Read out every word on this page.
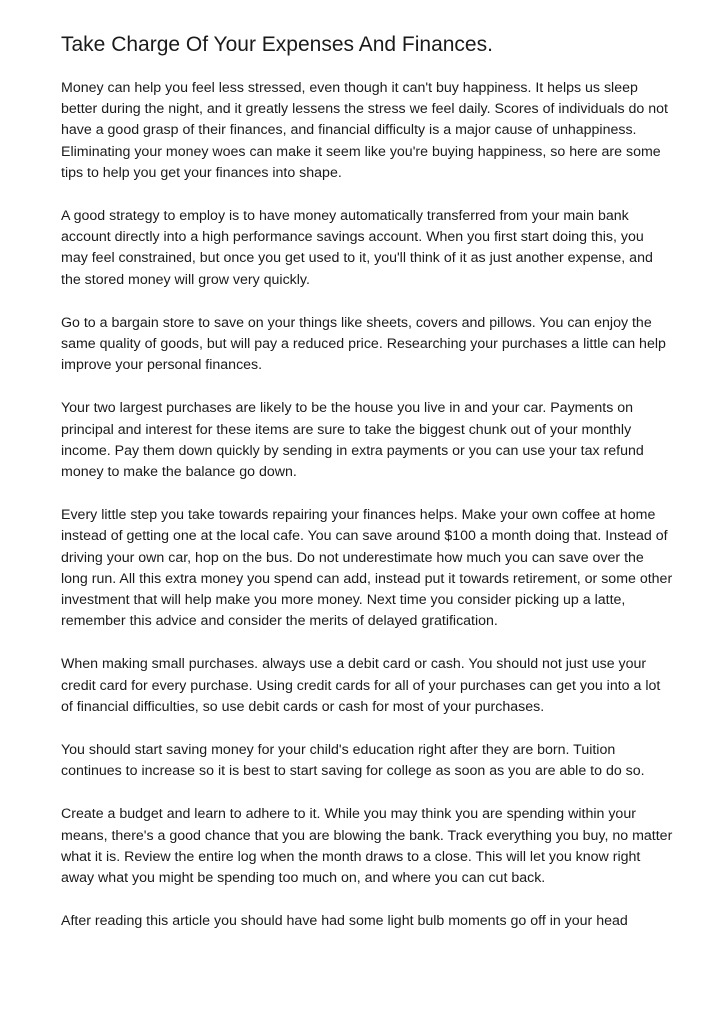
Take Charge Of Your Expenses And Finances.

Money can help you feel less stressed, even though it can't buy happiness. It helps us sleep better during the night, and it greatly lessens the stress we feel daily. Scores of individuals do not have a good grasp of their finances, and financial difficulty is a major cause of unhappiness. Eliminating your money woes can make it seem like you're buying happiness, so here are some tips to help you get your finances into shape.

A good strategy to employ is to have money automatically transferred from your main bank account directly into a high performance savings account. When you first start doing this, you may feel constrained, but once you get used to it, you'll think of it as just another expense, and the stored money will grow very quickly.

Go to a bargain store to save on your things like sheets, covers and pillows. You can enjoy the same quality of goods, but will pay a reduced price. Researching your purchases a little can help improve your personal finances.

Your two largest purchases are likely to be the house you live in and your car. Payments on principal and interest for these items are sure to take the biggest chunk out of your monthly income. Pay them down quickly by sending in extra payments or you can use your tax refund money to make the balance go down.

Every little step you take towards repairing your finances helps. Make your own coffee at home instead of getting one at the local cafe. You can save around $100 a month doing that. Instead of driving your own car, hop on the bus. Do not underestimate how much you can save over the long run. All this extra money you spend can add, instead put it towards retirement, or some other investment that will help make you more money. Next time you consider picking up a latte, remember this advice and consider the merits of delayed gratification.

When making small purchases. always use a debit card or cash. You should not just use your credit card for every purchase. Using credit cards for all of your purchases can get you into a lot of financial difficulties, so use debit cards or cash for most of your purchases.

You should start saving money for your child's education right after they are born. Tuition continues to increase so it is best to start saving for college as soon as you are able to do so.

Create a budget and learn to adhere to it. While you may think you are spending within your means, there's a good chance that you are blowing the bank. Track everything you buy, no matter what it is. Review the entire log when the month draws to a close. This will let you know right away what you might be spending too much on, and where you can cut back.

After reading this article you should have had some light bulb moments go off in your head
